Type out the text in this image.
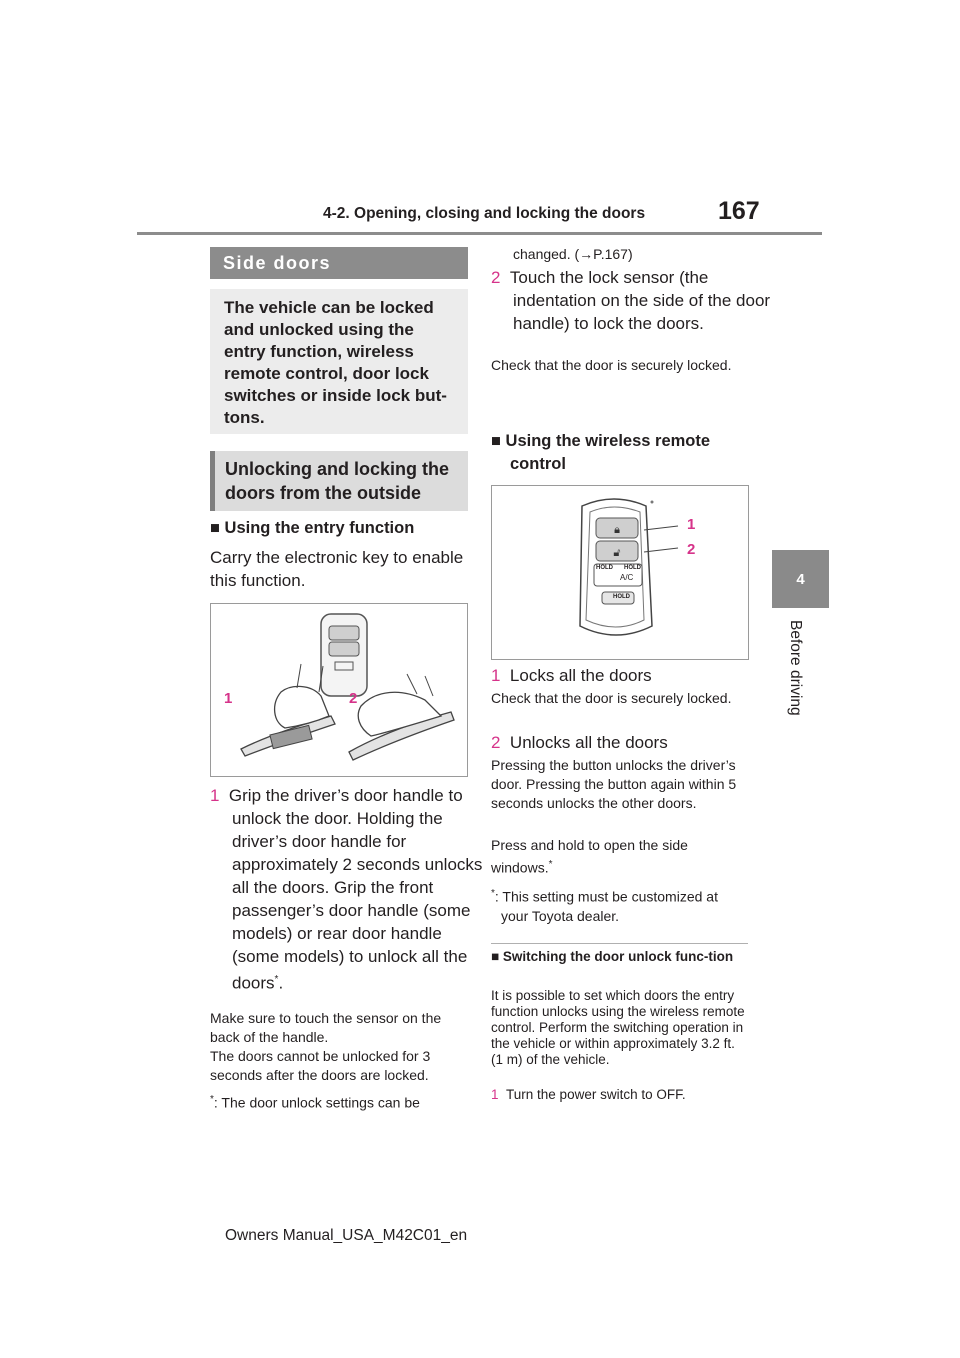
4-2. Opening, closing and locking the doors	167
4
Before driving
Side doors
The vehicle can be locked and unlocked using the entry function, wireless remote control, door lock switches or inside lock but-tons.
Unlocking and locking the doors from the outside
■ Using the entry function
Carry the electronic key to enable this function.
1	2
1 Grip the driver’s door handle to unlock the door. Holding the driver’s door handle for approximately 2 seconds unlocks all the doors. Grip the front passenger’s door handle (some models) or rear door handle (some models) to unlock all the doors*.
Make sure to touch the sensor on the back of the handle.
The doors cannot be unlocked for 3 seconds after the doors are locked.
*: The door unlock settings can be
changed. (→P.167)
2 Touch the lock sensor (the indentation on the side of the door handle) to lock the doors.
Check that the door is securely locked.
■ Using the wireless remote control
🔒︎
🔓︎
HOLD HOLD
A/C
HOLD
1
2
1 Locks all the doors
Check that the door is securely locked.
2 Unlocks all the doors
Pressing the button unlocks the driver’s door. Pressing the button again within 5 seconds unlocks the other doors.
Press and hold to open the side windows.*
*: This setting must be customized at your Toyota dealer.
■ Switching the door unlock func-tion
It is possible to set which doors the entry function unlocks using the wireless remote control. Perform the switching operation in the vehicle or within approximately 3.2 ft. (1 m) of the vehicle.
1 Turn the power switch to OFF.
Owners Manual_USA_M42C01_en
